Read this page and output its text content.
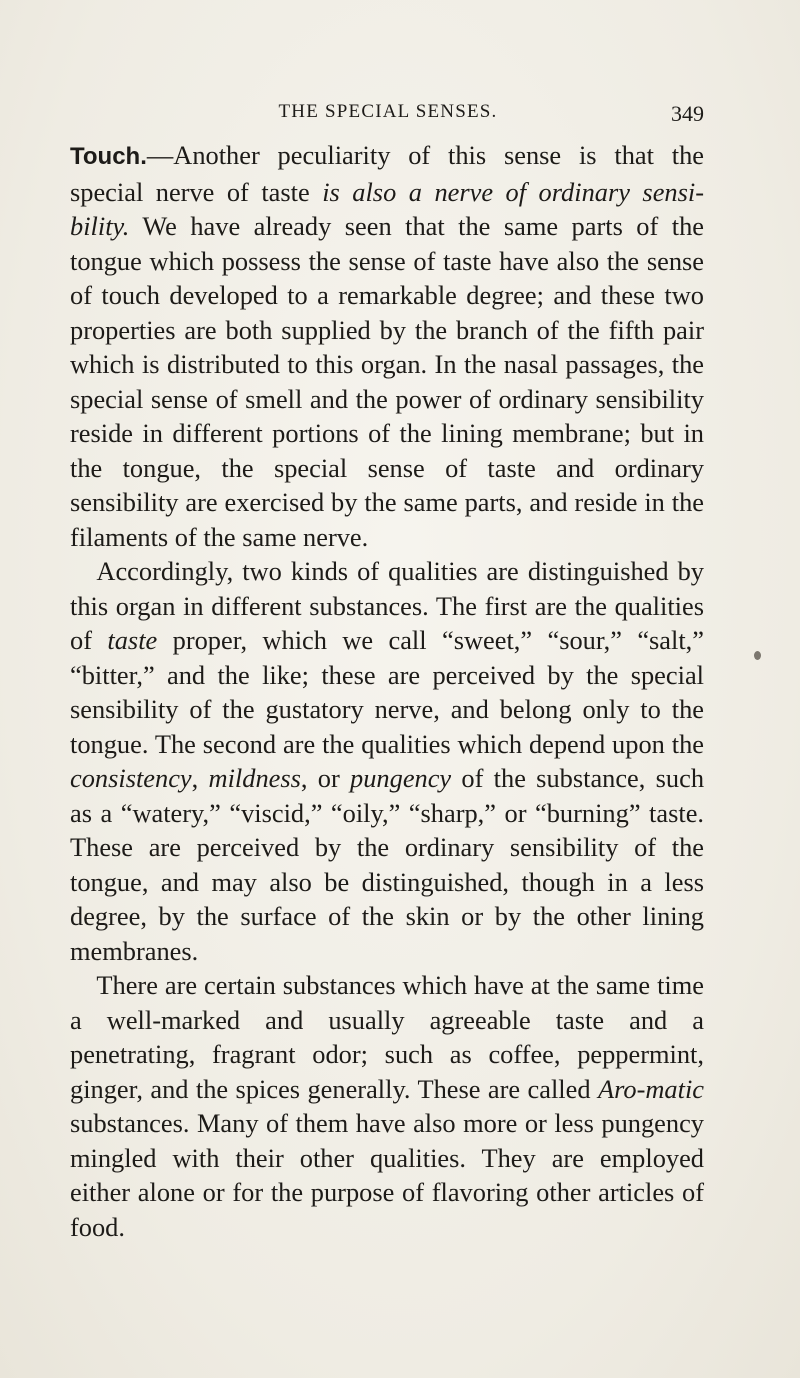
THE SPECIAL SENSES.	349

Touch.—Another peculiarity of this sense is that the special nerve of taste is also a nerve of ordinary sensi-bility. We have already seen that the same parts of the tongue which possess the sense of taste have also the sense of touch developed to a remarkable degree; and these two properties are both supplied by the branch of the fifth pair which is distributed to this organ. In the nasal passages, the special sense of smell and the power of ordinary sensibility reside in different portions of the lining membrane; but in the tongue, the special sense of taste and ordinary sensibility are exercised by the same parts, and reside in the filaments of the same nerve.

Accordingly, two kinds of qualities are distinguished by this organ in different substances. The first are the qualities of taste proper, which we call “sweet,” “sour,” “salt,” “bitter,” and the like; these are perceived by the special sensibility of the gustatory nerve, and belong only to the tongue. The second are the qualities which depend upon the consistency, mildness, or pungency of the substance, such as a “watery,” “viscid,” “oily,” “sharp,” or “burning” taste. These are perceived by the ordinary sensibility of the tongue, and may also be distinguished, though in a less degree, by the surface of the skin or by the other lining membranes.

There are certain substances which have at the same time a well-marked and usually agreeable taste and a penetrating, fragrant odor; such as coffee, peppermint, ginger, and the spices generally. These are called Aro-matic substances. Many of them have also more or less pungency mingled with their other qualities. They are employed either alone or for the purpose of flavoring other articles of food.
